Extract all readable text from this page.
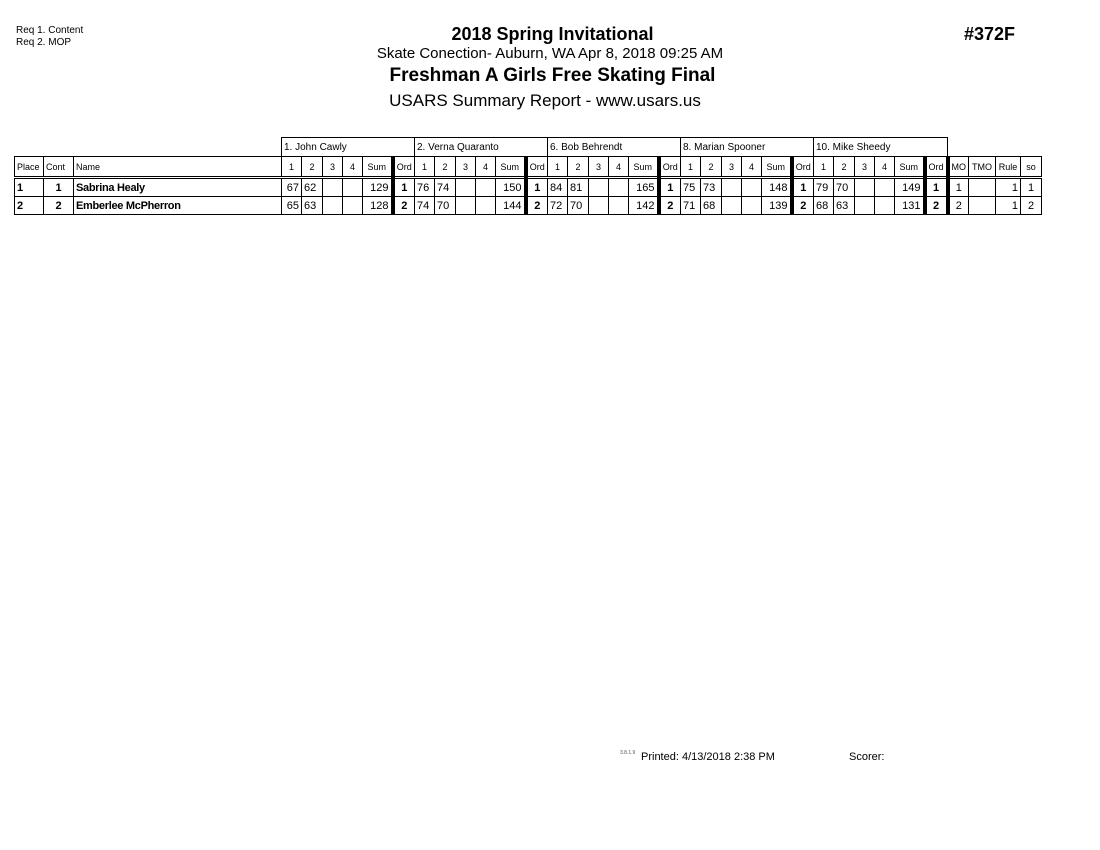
Req 1. Content
Req 2. MOP	2018 Spring Invitational
Skate Conection- Auburn, WA Apr 8, 2018 09:25 AM
Freshman A Girls Free Skating Final
USARS Summary Report - www.usars.us
#372F
			1. John Cawly						2. Verna Quaranto						6. Bob Behrendt						8. Marian Spooner						10. Mike Sheedy									
Place	Cont	Name	1	2	3	4	Sum	Ord	1	2	3	4	Sum	Ord	1	2	3	4	Sum	Ord	1	2	3	4	Sum	Ord	1	2	3	4	Sum	Ord	MO	TMO	Rule	so
1	1	Sabrina Healy	67	62			129	1	76	74			150	1	84	81			165	1	75	73			148	1	79	70			149	1	1		1	1
2	2	Emberlee McPherron	65	63			128	2	74	70			144	2	72	70			142	2	71	68			139	2	68	63			131	2	2		1	2
3.8.1.9 Printed: 4/13/2018 2:38 PM	Scorer:
